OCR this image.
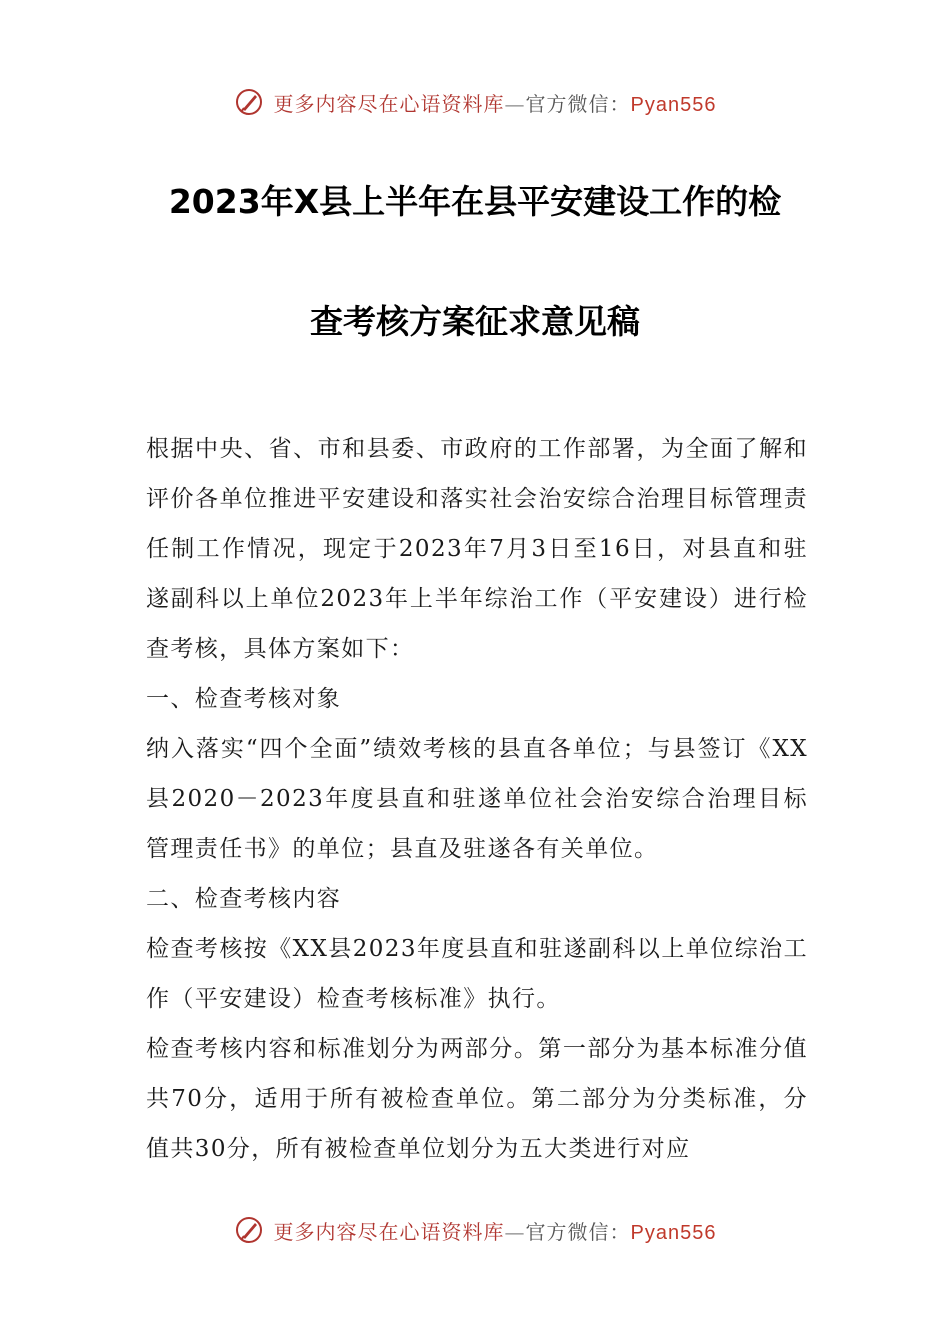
更多内容尽在心语资料库—官方微信：Pyan556
2023年X县上半年在县平安建设工作的检
查考核方案征求意见稿

根据中央、省、市和县委、市政府的工作部署，为全面了解和评价各单位推进平安建设和落实社会治安综合治理目标管理责任制工作情况，现定于2023年7月3日至16日，对县直和驻遂副科以上单位2023年上半年综治工作（平安建设）进行检查考核，具体方案如下：

一、检查考核对象

纳入落实“四个全面”绩效考核的县直各单位；与县签订《XX县2020－2023年度县直和驻遂单位社会治安综合治理目标管理责任书》的单位；县直及驻遂各有关单位。

二、检查考核内容

检查考核按《XX县2023年度县直和驻遂副科以上单位综治工作（平安建设）检查考核标准》执行。

检查考核内容和标准划分为两部分。第一部分为基本标准分值共70分，适用于所有被检查单位。第二部分为分类标准，分值共30分，所有被检查单位划分为五大类进行对应

更多内容尽在心语资料库—官方微信：Pyan556
